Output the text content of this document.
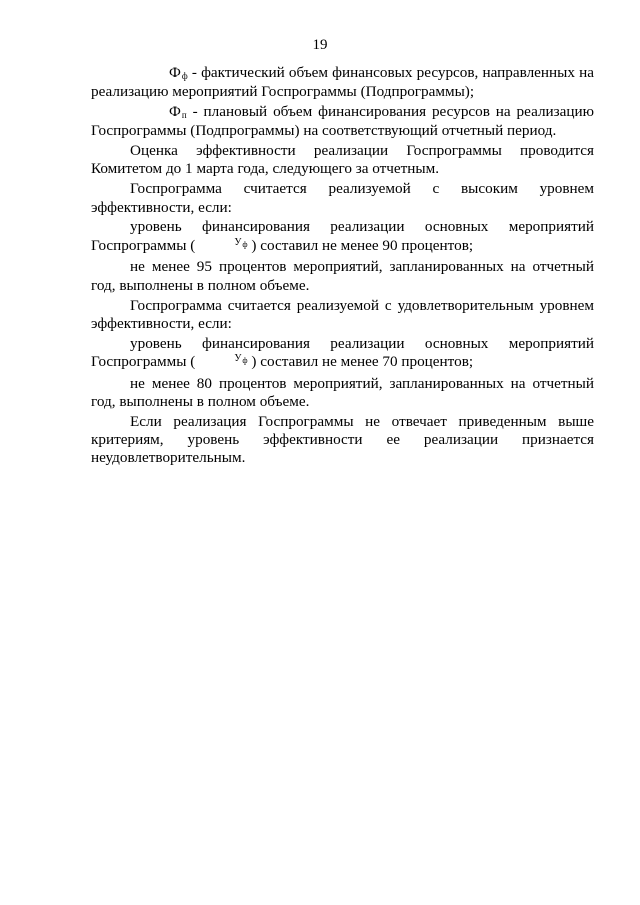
19

Фф - фактический объем финансовых ресурсов, направленных на реализацию мероприятий Госпрограммы (Подпрограммы);

Фп - плановый объем финансирования ресурсов на реализацию Госпрограммы (Подпрограммы) на соответствующий отчетный период.

Оценка эффективности реализации Госпрограммы проводится Комитетом до 1 марта года, следующего за отчетным.

Госпрограмма считается реализуемой с высоким уровнем эффективности, если:

уровень финансирования реализации основных мероприятий Госпрограммы (	$^У$ф ) составил не менее 90 процентов;

не менее 95 процентов мероприятий, запланированных на отчетный год, выполнены в полном объеме.

Госпрограмма считается реализуемой с удовлетворительным уровнем эффективности, если:

уровень финансирования реализации основных мероприятий Госпрограммы (	$^У$ф ) составил не менее 70 процентов;

не менее 80 процентов мероприятий, запланированных на отчетный год, выполнены в полном объеме.

Если реализация Госпрограммы не отвечает приведенным выше критериям, уровень эффективности ее реализации признается неудовлетворительным.
